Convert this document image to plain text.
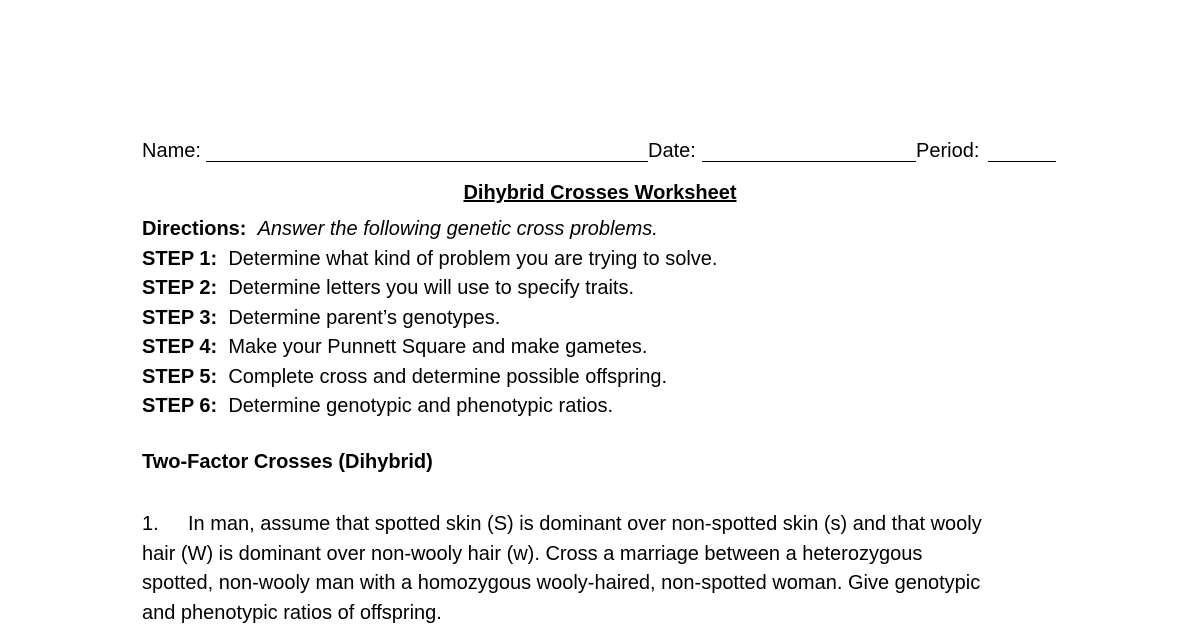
Name:	Date:	Period:
Dihybrid Crosses Worksheet
Directions: Answer the following genetic cross problems.
STEP 1: Determine what kind of problem you are trying to solve.
STEP 2: Determine letters you will use to specify traits.
STEP 3: Determine parent’s genotypes.
STEP 4: Make your Punnett Square and make gametes.
STEP 5: Complete cross and determine possible offspring.
STEP 6: Determine genotypic and phenotypic ratios.
Two-Factor Crosses (Dihybrid)
1. In man, assume that spotted skin (S) is dominant over non-spotted skin (s) and that wooly
hair (W) is dominant over non-wooly hair (w). Cross a marriage between a heterozygous
spotted, non-wooly man with a homozygous wooly-haired, non-spotted woman. Give genotypic
and phenotypic ratios of offspring.
